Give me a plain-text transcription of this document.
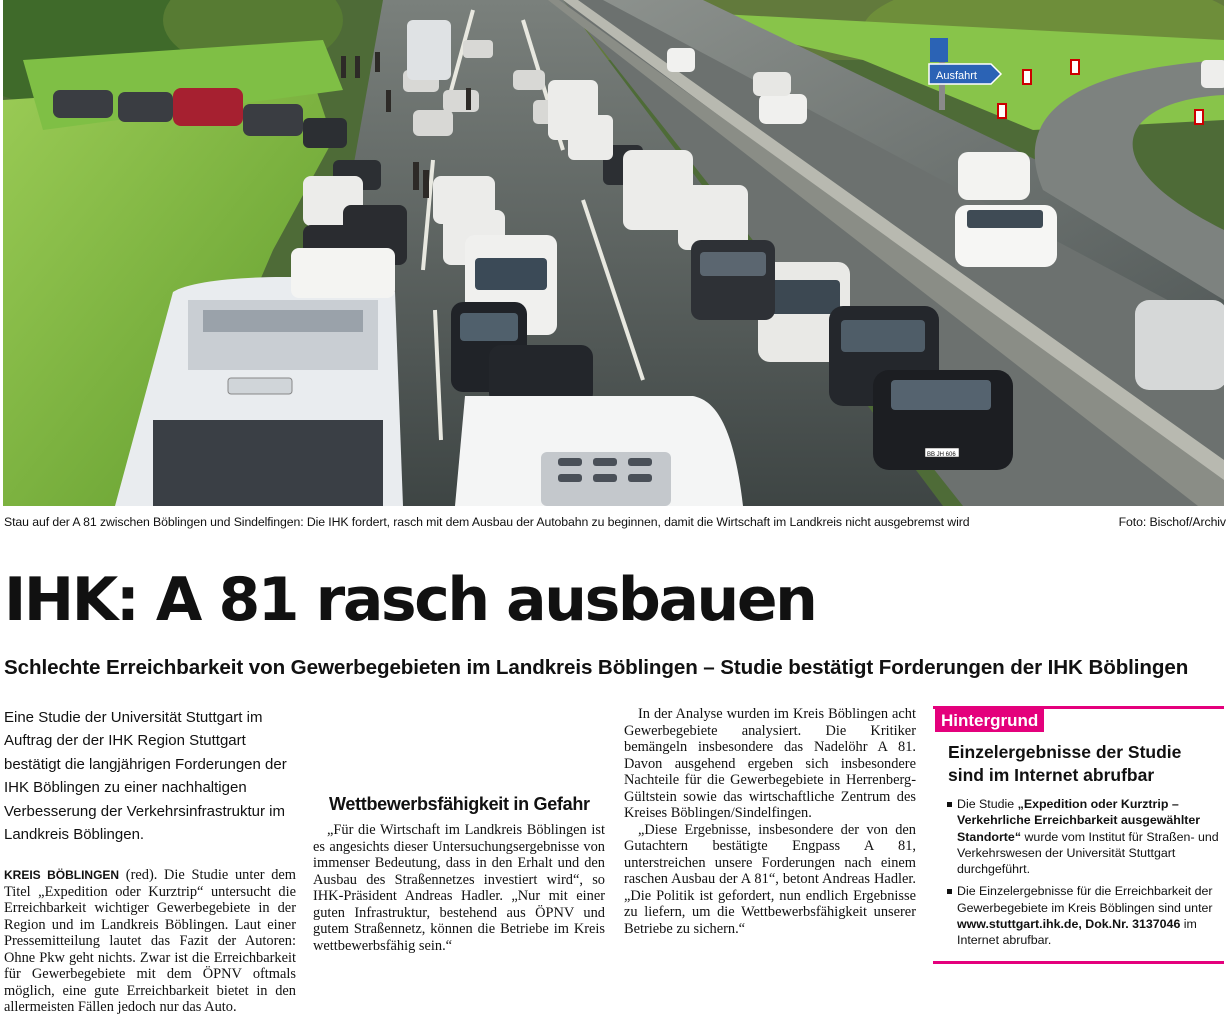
Ausfahrt
BB JH 606
Stau auf der A 81 zwischen Böblingen und Sindelfingen: Die IHK fordert, rasch mit dem Ausbau der Autobahn zu beginnen, damit die Wirtschaft im Landkreis nicht ausgebremst wird	Foto: Bischof/Archiv
IHK: A 81 rasch ausbauen
Schlechte Erreichbarkeit von Gewerbegebieten im Landkreis Böblingen – Studie bestätigt Forderungen der IHK Böblingen

Eine Studie der Universität Stuttgart im Auftrag der der IHK Region Stuttgart bestätigt die langjährigen Forderungen der IHK Böblingen zu einer nachhaltigen Verbesserung der Verkehrsinfrastruktur im Landkreis Böblingen.

KREIS BÖBLINGEN (red). Die Studie unter dem Titel „Expedition oder Kurztrip“ untersucht die Erreichbarkeit wichtiger Gewerbegebiete in der Region und im Landkreis Böblingen. Laut einer Pressemitteilung lautet das Fazit der Autoren: Ohne Pkw geht nichts. Zwar ist die Erreichbarkeit für Gewerbegebiete mit dem ÖPNV oftmals möglich, eine gute Erreichbarkeit bietet in den allermeisten Fällen jedoch nur das Auto.

Wettbewerbsfähigkeit in Gefahr

„Für die Wirtschaft im Landkreis Böblingen ist es angesichts dieser Untersuchungsergebnisse von immenser Bedeutung, dass in den Erhalt und den Ausbau des Straßennetzes investiert wird“, so IHK-Präsident Andreas Hadler. „Nur mit einer guten Infrastruktur, bestehend aus ÖPNV und gutem Straßennetz, können die Betriebe im Kreis wettbewerbsfähig sein.“

In der Analyse wurden im Kreis Böblingen acht Gewerbegebiete analysiert. Die Kritiker bemängeln insbesondere das Nadelöhr A 81. Davon ausgehend ergeben sich insbesondere Nachteile für die Gewerbegebiete in Herrenberg-Gültstein sowie das wirtschaftliche Zentrum des Kreises Böblingen/Sindelfingen.

„Diese Ergebnisse, insbesondere der von den Gutachtern bestätigte Engpass A 81, unterstreichen unsere Forderungen nach einem raschen Ausbau der A 81“, betont Andreas Hadler. „Die Politik ist gefordert, nun endlich Ergebnisse zu liefern, um die Wettbewerbsfähigkeit unserer Betriebe zu sichern.“

Hintergrund
Einzelergebnisse der Studie sind im Internet abrufbar
Die Studie „Expedition oder Kurztrip – Verkehrliche Erreichbarkeit ausgewählter Standorte“ wurde vom Institut für Straßen- und Verkehrswesen der Universität Stuttgart durchgeführt.
Die Einzelergebnisse für die Erreichbarkeit der Gewerbegebiete im Kreis Böblingen sind unter www.stuttgart.ihk.de, Dok.Nr. 3137046 im Internet abrufbar.
